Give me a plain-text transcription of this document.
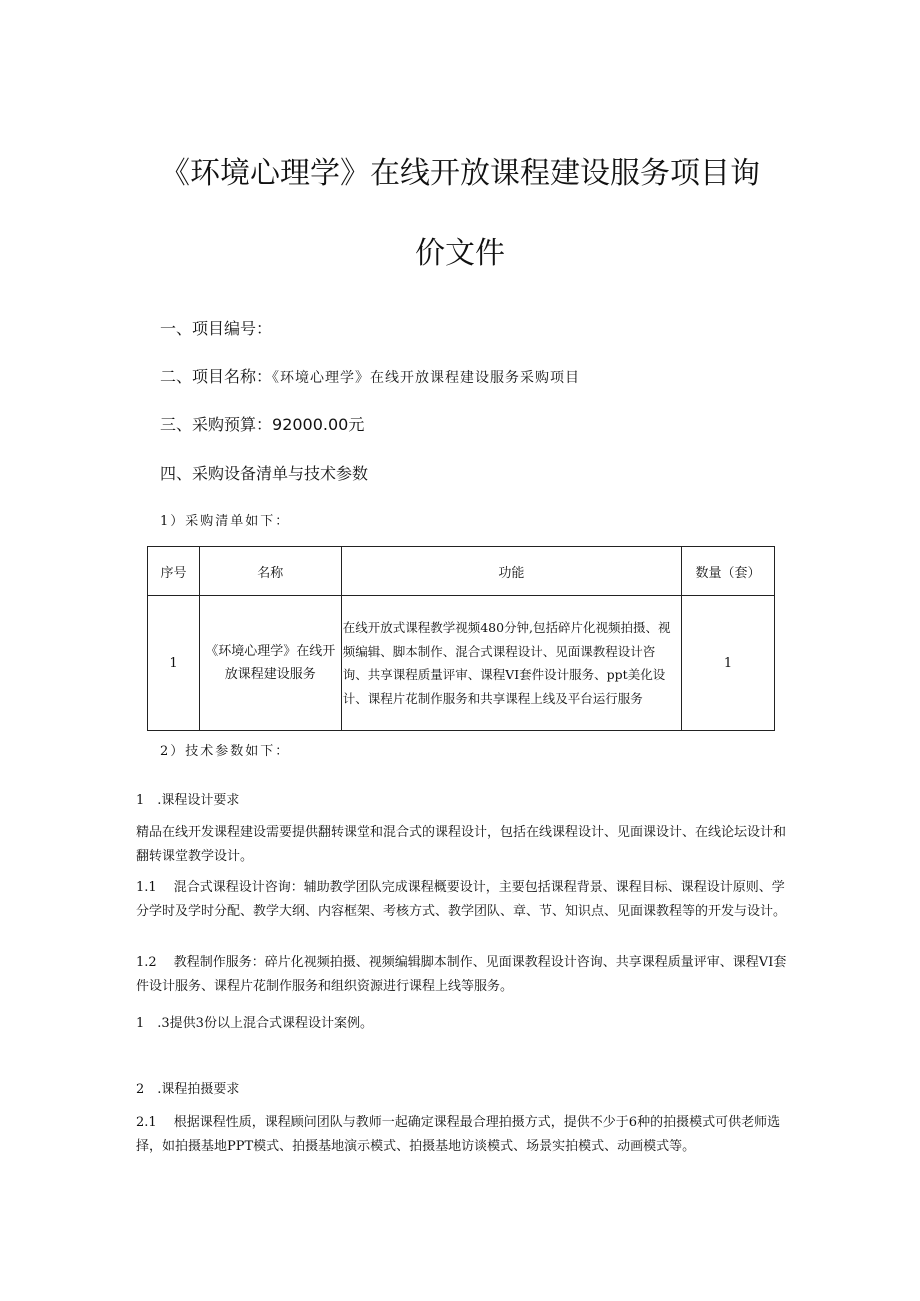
《环境心理学》在线开放课程建设服务项目询
价文件
一、项目编号：
二、项目名称：《环境心理学》在线开放课程建设服务采购项目
三、采购预算：92000.00元
四、采购设备清单与技术参数
1）采购清单如下：
序号	名称	功能	数量（套）
1	《环境心理学》在线开放课程建设服务	在线开放式课程教学视频480分钟,包括碎片化视频拍摄、视频编辑、脚本制作、混合式课程设计、见面课教程设计咨询、共享课程质量评审、课程VI套件设计服务、ppt美化设计、课程片花制作服务和共享课程上线及平台运行服务	1
2）技术参数如下：
1　.课程设计要求
精品在线开发课程建设需要提供翻转课堂和混合式的课程设计，包括在线课程设计、见面课设计、在线论坛设计和翻转课堂教学设计。
1.1　 混合式课程设计咨询：辅助教学团队完成课程概要设计，主要包括课程背景、课程目标、课程设计原则、学分学时及学时分配、教学大纲、内容框架、考核方式、教学团队、章、节、知识点、见面课教程等的开发与设计。
1.2　 教程制作服务：碎片化视频拍摄、视频编辑脚本制作、见面课教程设计咨询、共享课程质量评审、课程VI套件设计服务、课程片花制作服务和组织资源进行课程上线等服务。
1　.3提供3份以上混合式课程设计案例。
2　.课程拍摄要求
2.1　 根据课程性质，课程顾问团队与教师一起确定课程最合理拍摄方式，提供不少于6种的拍摄模式可供老师选择，如拍摄基地PPT模式、拍摄基地演示模式、拍摄基地访谈模式、场景实拍模式、动画模式等。
